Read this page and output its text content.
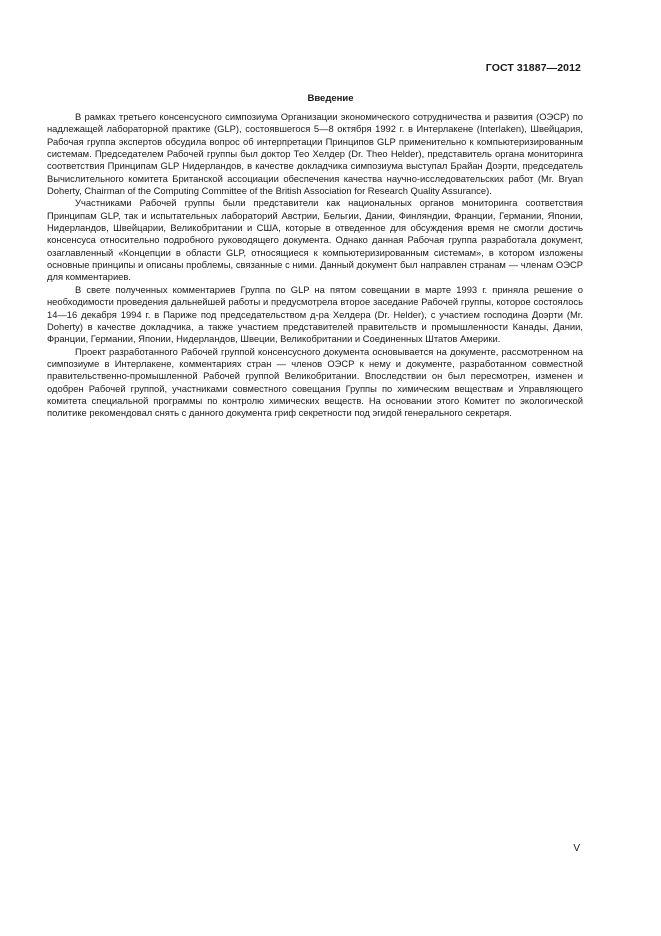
ГОСТ 31887—2012
Введение

В рамках третьего консенсусного симпозиума Организации экономического сотрудничества и развития (ОЭСР) по надлежащей лабораторной практике (GLP), состоявшегося 5—8 октября 1992 г. в Интерлакене (Interlaken), Швейцария, Рабочая группа экспертов обсудила вопрос об интерпретации Принципов GLP применительно к компьютеризированным системам. Председателем Рабочей группы был доктор Тео Хелдер (Dr. Theo Helder), представитель органа мониторинга соответствия Принципам GLP Нидерландов, в качестве докладчика симпозиума выступал Брайан Доэрти, председатель Вычислительного комитета Британской ассоциации обеспечения качества научно-исследовательских работ (Mr. Bryan Doherty, Chairman of the Computing Committee of the British Association for Research Quality Assurance).

Участниками Рабочей группы были представители как национальных органов мониторинга соответствия Принципам GLP, так и испытательных лабораторий Австрии, Бельгии, Дании, Финляндии, Франции, Германии, Японии, Нидерландов, Швейцарии, Великобритании и США, которые в отведенное для обсуждения время не смогли достичь консенсуса относительно подробного руководящего документа. Однако данная Рабочая группа разработала документ, озаглавленный «Концепции в области GLP, относящиеся к компьютеризированным системам», в котором изложены основные принципы и описаны проблемы, связанные с ними. Данный документ был направлен странам — членам ОЭСР для комментариев.

В свете полученных комментариев Группа по GLP на пятом совещании в марте 1993 г. приняла решение о необходимости проведения дальнейшей работы и предусмотрела второе заседание Рабочей группы, которое состоялось 14—16 декабря 1994 г. в Париже под председательством д-ра Хелдера (Dr. Helder), с участием господина Доэрти (Mr. Doherty) в качестве докладчика, а также участием представителей правительств и промышленности Канады, Дании, Франции, Германии, Японии, Нидерландов, Швеции, Великобритании и Соединенных Штатов Америки.

Проект разработанного Рабочей группой консенсусного документа основывается на документе, рассмотренном на симпозиуме в Интерлакене, комментариях стран — членов ОЭСР к нему и документе, разработанном совместной правительственно-промышленной Рабочей группой Великобритании. Впоследствии он был пересмотрен, изменен и одобрен Рабочей группой, участниками совместного совещания Группы по химическим веществам и Управляющего комитета специальной программы по контролю химических веществ. На основании этого Комитет по экологической политике рекомендовал снять с данного документа гриф секретности под эгидой генерального секретаря.

V
